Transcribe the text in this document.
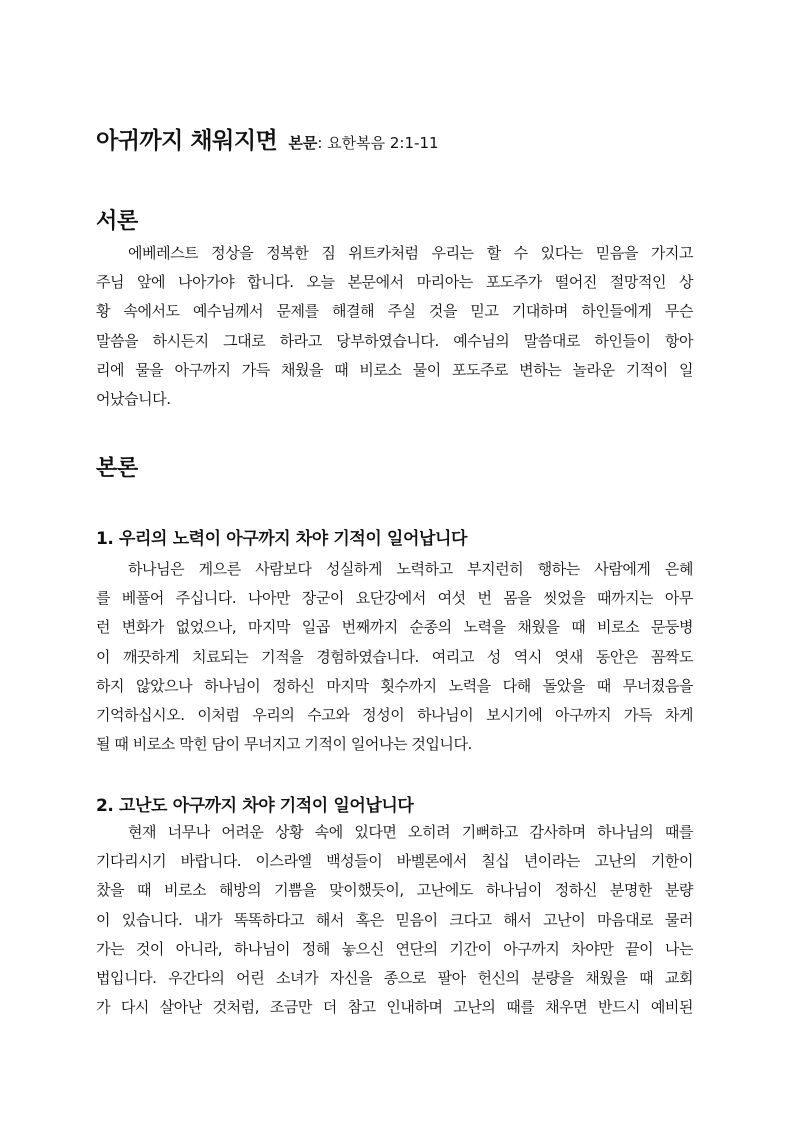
아귀까지 채워지면 본문: 요한복음 2:1-11
서론

에베레스트 정상을 정복한 짐 위트카처럼 우리는 할 수 있다는 믿음을 가지고
주님 앞에 나아가야 합니다. 오늘 본문에서 마리아는 포도주가 떨어진 절망적인 상
황 속에서도 예수님께서 문제를 해결해 주실 것을 믿고 기대하며 하인들에게 무슨
말씀을 하시든지 그대로 하라고 당부하였습니다. 예수님의 말씀대로 하인들이 항아
리에 물을 아구까지 가득 채웠을 때 비로소 물이 포도주로 변하는 놀라운 기적이 일
어났습니다.

본론
1. 우리의 노력이 아구까지 차야 기적이 일어납니다

하나님은 게으른 사람보다 성실하게 노력하고 부지런히 행하는 사람에게 은혜
를 베풀어 주십니다. 나아만 장군이 요단강에서 여섯 번 몸을 씻었을 때까지는 아무
런 변화가 없었으나, 마지막 일곱 번째까지 순종의 노력을 채웠을 때 비로소 문둥병
이 깨끗하게 치료되는 기적을 경험하였습니다. 여리고 성 역시 엿새 동안은 꼼짝도
하지 않았으나 하나님이 정하신 마지막 횟수까지 노력을 다해 돌았을 때 무너졌음을
기억하십시오. 이처럼 우리의 수고와 정성이 하나님이 보시기에 아구까지 가득 차게
될 때 비로소 막힌 담이 무너지고 기적이 일어나는 것입니다.

2. 고난도 아구까지 차야 기적이 일어납니다

현재 너무나 어려운 상황 속에 있다면 오히려 기뻐하고 감사하며 하나님의 때를
기다리시기 바랍니다. 이스라엘 백성들이 바벨론에서 칠십 년이라는 고난의 기한이
찼을 때 비로소 해방의 기쁨을 맞이했듯이, 고난에도 하나님이 정하신 분명한 분량
이 있습니다. 내가 똑똑하다고 해서 혹은 믿음이 크다고 해서 고난이 마음대로 물러
가는 것이 아니라, 하나님이 정해 놓으신 연단의 기간이 아구까지 차야만 끝이 나는
법입니다. 우간다의 어린 소녀가 자신을 종으로 팔아 헌신의 분량을 채웠을 때 교회
가 다시 살아난 것처럼, 조금만 더 참고 인내하며 고난의 때를 채우면 반드시 예비된
